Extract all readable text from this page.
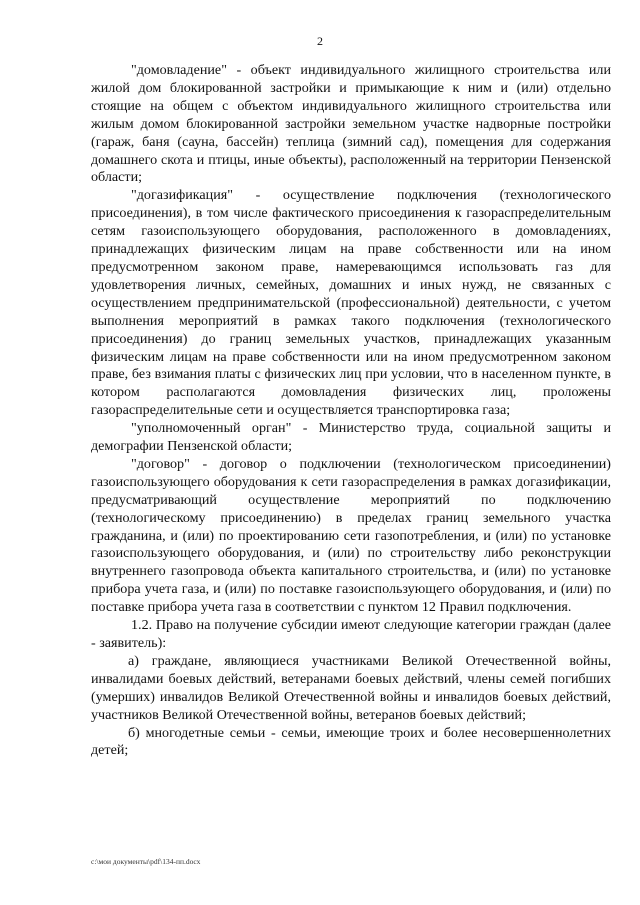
2

"домовладение" - объект индивидуального жилищного строительства или жилой дом блокированной застройки и примыкающие к ним и (или) отдельно стоящие на общем с объектом индивидуального жилищного строительства или жилым домом блокированной застройки земельном участке надворные постройки (гараж, баня (сауна, бассейн) теплица (зимний сад), помещения для содержания домашнего скота и птицы, иные объекты), расположенный на территории Пензенской области;

"догазификация" - осуществление подключения (технологического присоединения), в том числе фактического присоединения к газораспределительным сетям газоиспользующего оборудования, расположенного в домовладениях, принадлежащих физическим лицам на праве собственности или на ином предусмотренном законом праве, намеревающимся использовать газ для удовлетворения личных, семейных, домашних и иных нужд, не связанных с осуществлением предпринимательской (профессиональной) деятельности, с учетом выполнения мероприятий в рамках такого подключения (технологического присоединения) до границ земельных участков, принадлежащих указанным физическим лицам на праве собственности или на ином предусмотренном законом праве, без взимания платы с физических лиц при условии, что в населенном пункте, в котором располагаются домовладения физических лиц, проложены газораспределительные сети и осуществляется транспортировка газа;

"уполномоченный орган" - Министерство труда, социальной защиты и демографии Пензенской области;

"договор" - договор о подключении (технологическом присоединении) газоиспользующего оборудования к сети газораспределения в рамках догазификации, предусматривающий осуществление мероприятий по подключению (технологическому присоединению) в пределах границ земельного участка гражданина, и (или) по проектированию сети газопотребления, и (или) по установке газоиспользующего оборудования, и (или) по строительству либо реконструкции внутреннего газопровода объекта капитального строительства, и (или) по установке прибора учета газа, и (или) по поставке газоиспользующего оборудования, и (или) по поставке прибора учета газа в соответствии с пунктом 12 Правил подключения.

1.2. Право на получение субсидии имеют следующие категории граждан (далее - заявитель):

а) граждане, являющиеся участниками Великой Отечественной войны, инвалидами боевых действий, ветеранами боевых действий, члены семей погибших (умерших) инвалидов Великой Отечественной войны и инвалидов боевых действий, участников Великой Отечественной войны, ветеранов боевых действий;

б) многодетные семьи - семьи, имеющие троих и более несовершеннолетних детей;

c:\мои документы\pdf\134-пп.docx
